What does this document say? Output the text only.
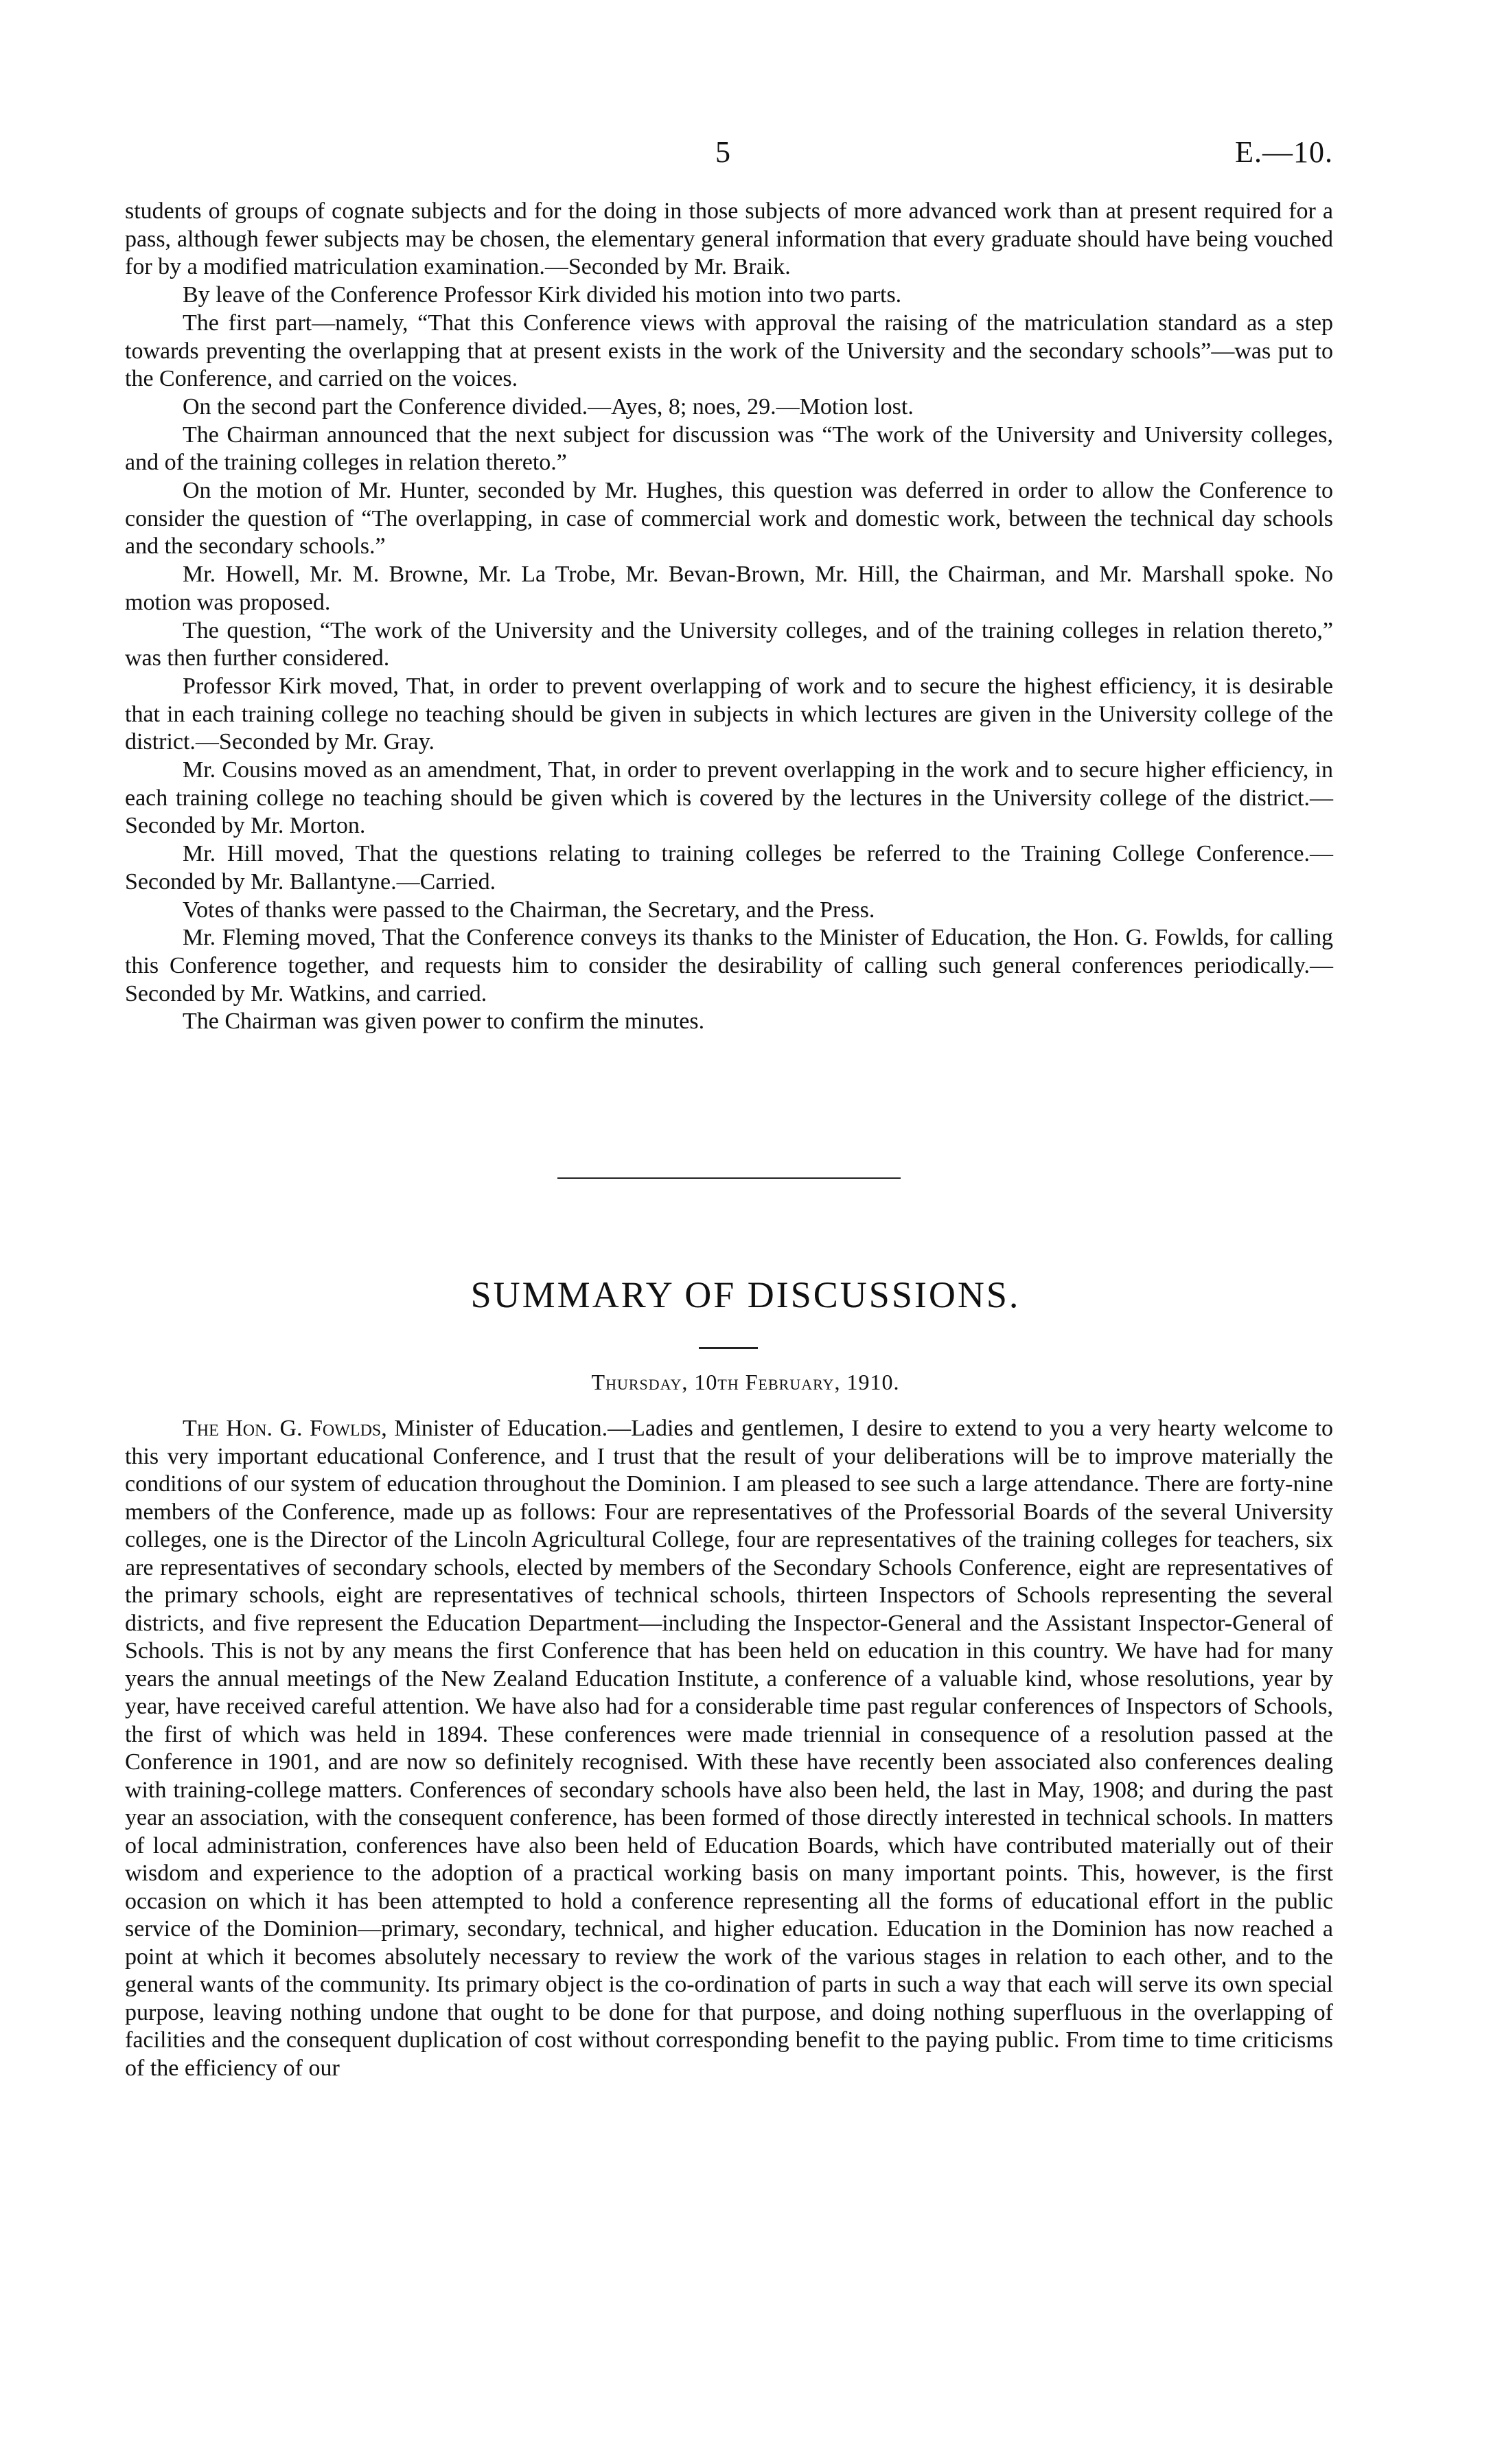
5	E.—10.

students of groups of cognate subjects and for the doing in those subjects of more advanced work than at present required for a pass, although fewer subjects may be chosen, the elementary general information that every graduate should have being vouched for by a modified matriculation examination.—Seconded by Mr. Braik.

By leave of the Conference Professor Kirk divided his motion into two parts.

The first part—namely, “That this Conference views with approval the raising of the matriculation standard as a step towards preventing the overlapping that at present exists in the work of the University and the secondary schools”—was put to the Conference, and carried on the voices.

On the second part the Conference divided.—Ayes, 8; noes, 29.—Motion lost.

The Chairman announced that the next subject for discussion was “The work of the University and University colleges, and of the training colleges in relation thereto.”

On the motion of Mr. Hunter, seconded by Mr. Hughes, this question was deferred in order to allow the Conference to consider the question of “The overlapping, in case of commercial work and domestic work, between the technical day schools and the secondary schools.”

Mr. Howell, Mr. M. Browne, Mr. La Trobe, Mr. Bevan-Brown, Mr. Hill, the Chairman, and Mr. Marshall spoke. No motion was proposed.

The question, “The work of the University and the University colleges, and of the training colleges in relation thereto,” was then further considered.

Professor Kirk moved, That, in order to prevent overlapping of work and to secure the highest efficiency, it is desirable that in each training college no teaching should be given in subjects in which lectures are given in the University college of the district.—Seconded by Mr. Gray.

Mr. Cousins moved as an amendment, That, in order to prevent overlapping in the work and to secure higher efficiency, in each training college no teaching should be given which is covered by the lectures in the University college of the district.—Seconded by Mr. Morton.

Mr. Hill moved, That the questions relating to training colleges be referred to the Training College Conference.—Seconded by Mr. Ballantyne.—Carried.

Votes of thanks were passed to the Chairman, the Secretary, and the Press.

Mr. Fleming moved, That the Conference conveys its thanks to the Minister of Education, the Hon. G. Fowlds, for calling this Conference together, and requests him to consider the desirability of calling such general conferences periodically.—Seconded by Mr. Watkins, and carried.

The Chairman was given power to confirm the minutes.

SUMMARY OF DISCUSSIONS.
Thursday, 10th February, 1910.

The Hon. G. Fowlds, Minister of Education.—Ladies and gentlemen, I desire to extend to you a very hearty welcome to this very important educational Conference, and I trust that the result of your deliberations will be to improve materially the conditions of our system of education throughout the Dominion. I am pleased to see such a large attendance. There are forty-nine members of the Conference, made up as follows: Four are representatives of the Professorial Boards of the several University colleges, one is the Director of the Lincoln Agricultural College, four are representatives of the training colleges for teachers, six are representatives of secondary schools, elected by members of the Secondary Schools Conference, eight are representatives of the primary schools, eight are representatives of technical schools, thirteen Inspectors of Schools representing the several districts, and five represent the Education Department—including the Inspector-General and the Assistant Inspector-General of Schools. This is not by any means the first Conference that has been held on education in this country. We have had for many years the annual meetings of the New Zealand Education Institute, a conference of a valuable kind, whose resolutions, year by year, have received careful attention. We have also had for a considerable time past regular conferences of Inspectors of Schools, the first of which was held in 1894. These conferences were made triennial in consequence of a resolution passed at the Conference in 1901, and are now so definitely recognised. With these have recently been associated also conferences dealing with training-college matters. Conferences of secondary schools have also been held, the last in May, 1908; and during the past year an association, with the consequent conference, has been formed of those directly interested in technical schools. In matters of local administration, conferences have also been held of Education Boards, which have contributed materially out of their wisdom and experience to the adoption of a practical working basis on many important points. This, however, is the first occasion on which it has been attempted to hold a conference representing all the forms of educational effort in the public service of the Dominion—primary, secondary, technical, and higher education. Education in the Dominion has now reached a point at which it becomes absolutely necessary to review the work of the various stages in relation to each other, and to the general wants of the community. Its primary object is the co-ordination of parts in such a way that each will serve its own special purpose, leaving nothing undone that ought to be done for that purpose, and doing nothing superfluous in the overlapping of facilities and the consequent duplication of cost without corresponding benefit to the paying public. From time to time criticisms of the efficiency of our
